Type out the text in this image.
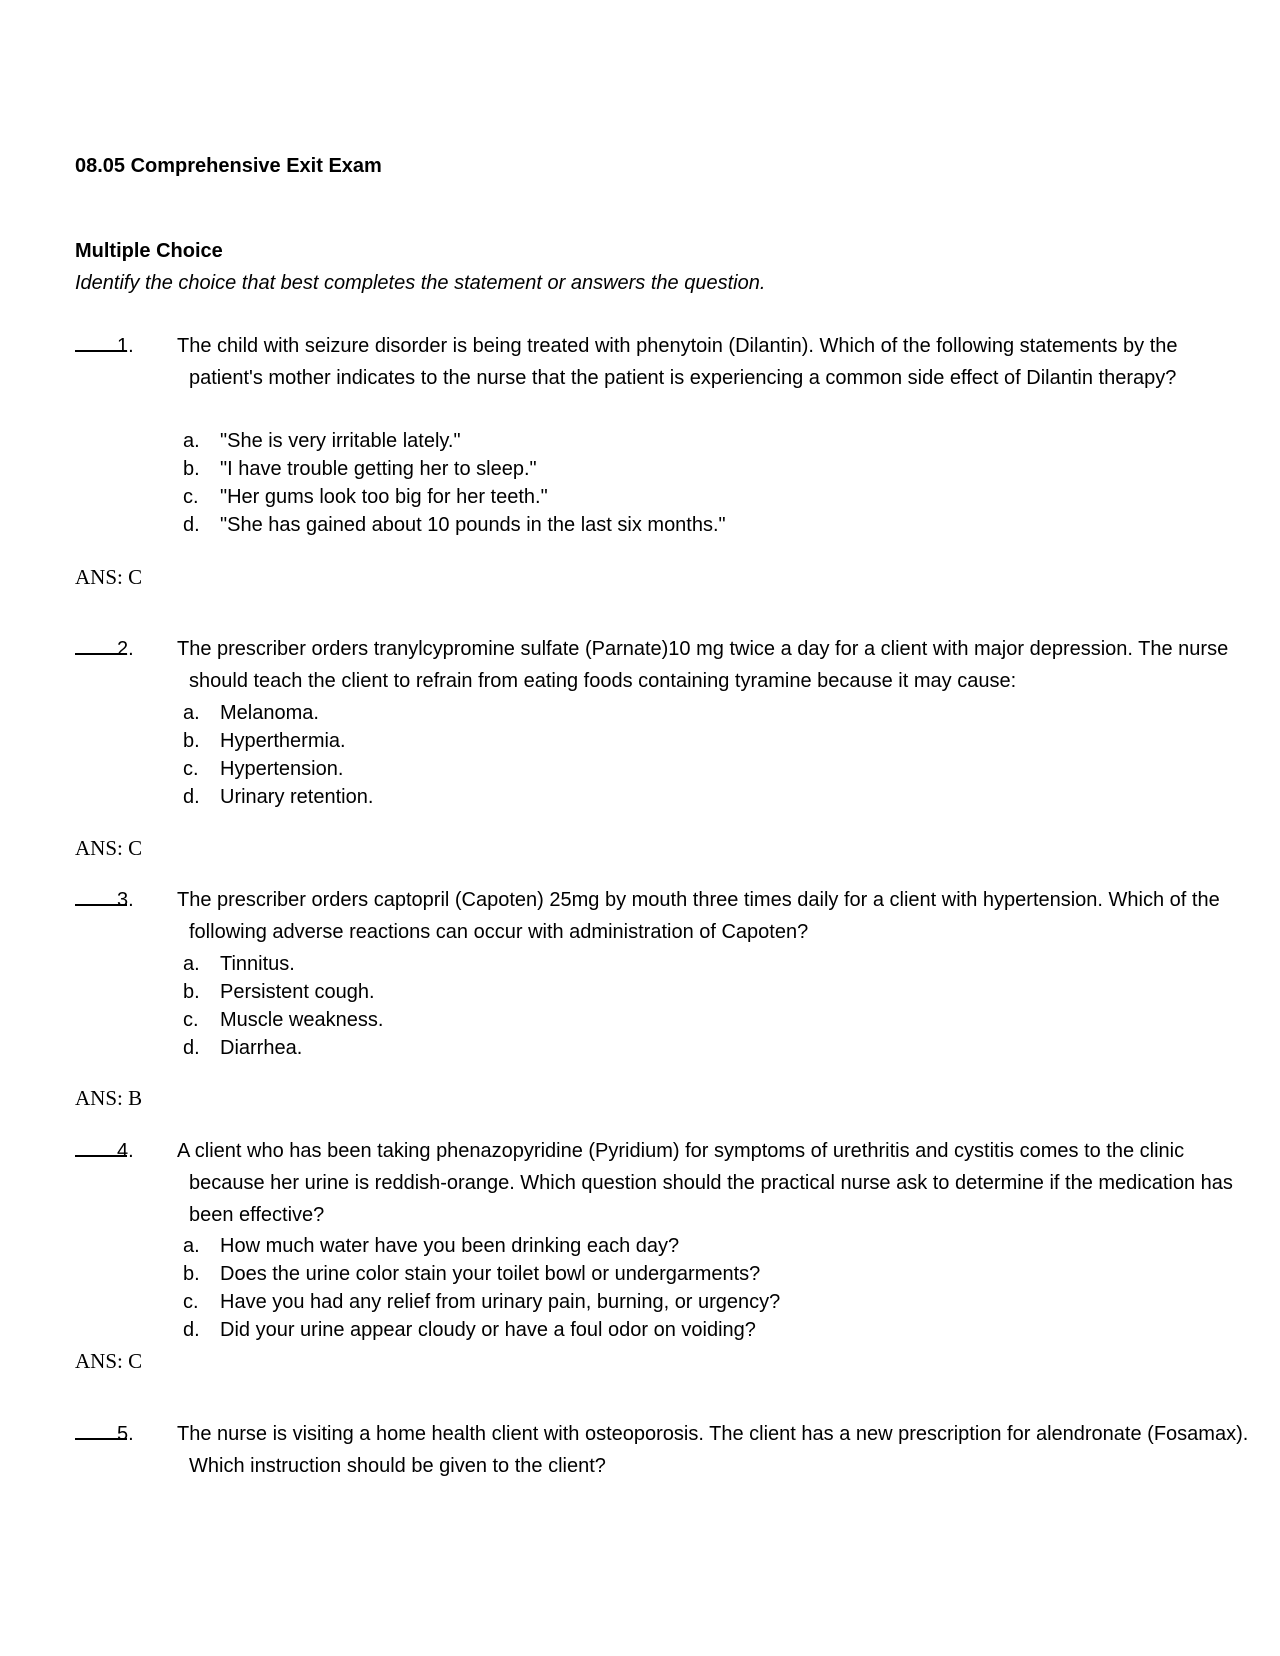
08.05 Comprehensive Exit Exam
Multiple Choice
Identify the choice that best completes the statement or answers the question.
1. The child with seizure disorder is being treated with phenytoin (Dilantin). Which of the following statements by the patient's mother indicates to the nurse that the patient is experiencing a common side effect of Dilantin therapy?
a.	"She is very irritable lately."
b.	"I have trouble getting her to sleep."
c.	"Her gums look too big for her teeth."
d.	"She has gained about 10 pounds in the last six months."
ANS: C
2. The prescriber orders tranylcypromine sulfate (Parnate)10 mg twice a day for a client with major depression. The nurse should teach the client to refrain from eating foods containing tyramine because it may cause:
a.	Melanoma.
b.	Hyperthermia.
c.	Hypertension.
d.	Urinary retention.
ANS: C
3. The prescriber orders captopril (Capoten) 25mg by mouth three times daily for a client with hypertension. Which of the following adverse reactions can occur with administration of Capoten?
a.	Tinnitus.
b.	Persistent cough.
c.	Muscle weakness.
d.	Diarrhea.
ANS: B
4. A client who has been taking phenazopyridine (Pyridium) for symptoms of urethritis and cystitis comes to the clinic because her urine is reddish-orange. Which question should the practical nurse ask to determine if the medication has been effective?
a.	How much water have you been drinking each day?
b.	Does the urine color stain your toilet bowl or undergarments?
c.	Have you had any relief from urinary pain, burning, or urgency?
d.	Did your urine appear cloudy or have a foul odor on voiding?
ANS: C
5. The nurse is visiting a home health client with osteoporosis. The client has a new prescription for alendronate (Fosamax). Which instruction should be given to the client?
